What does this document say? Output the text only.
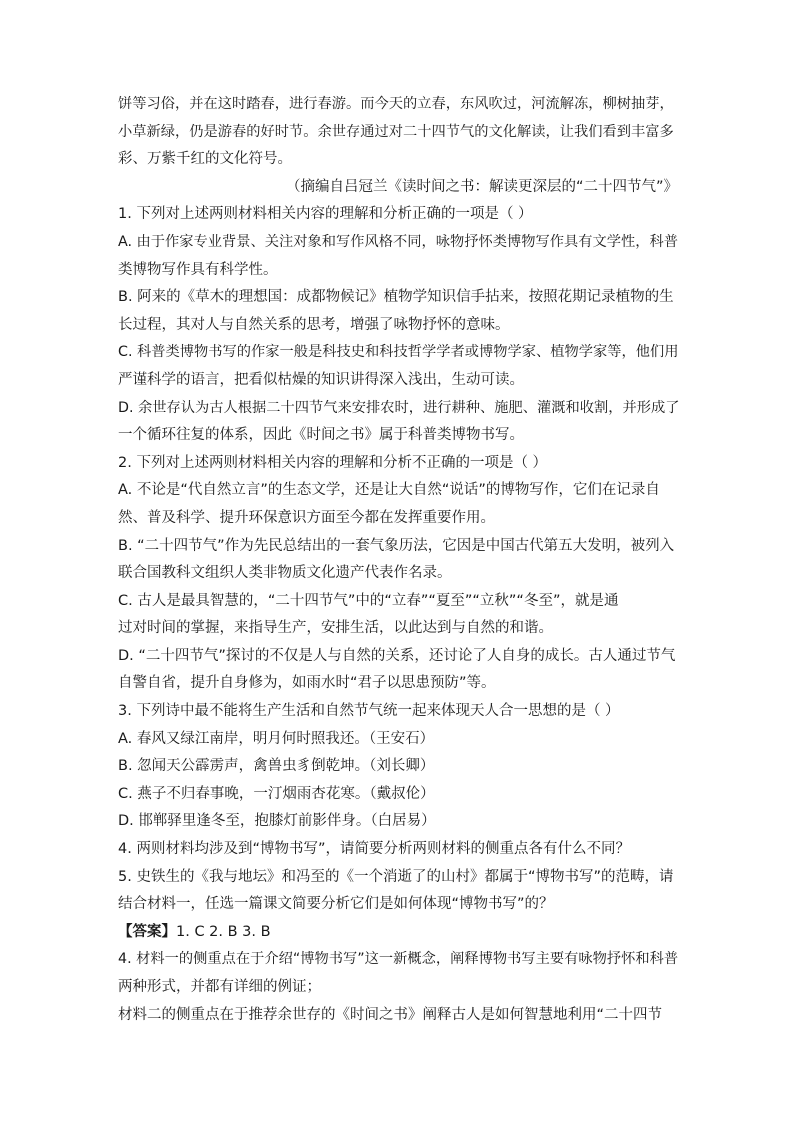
饼等习俗，并在这时踏春，进行春游。而今天的立春，东风吹过，河流解冻，柳树抽芽，
小草新绿，仍是游春的好时节。余世存通过对二十四节气的文化解读，让我们看到丰富多
彩、万紫千红的文化符号。
（摘编自吕冠兰《读时间之书：解读更深层的“二十四节气”》
1. 下列对上述两则材料相关内容的理解和分析正确的一项是（ ）
A. 由于作家专业背景、关注对象和写作风格不同，咏物抒怀类博物写作具有文学性，科普
类博物写作具有科学性。
B. 阿来的《草木的理想国：成都物候记》植物学知识信手拈来，按照花期记录植物的生
长过程，其对人与自然关系的思考，增强了咏物抒怀的意味。
C. 科普类博物书写的作家一般是科技史和科技哲学学者或博物学家、植物学家等，他们用
严谨科学的语言，把看似枯燥的知识讲得深入浅出，生动可读。
D. 余世存认为古人根据二十四节气来安排农时，进行耕种、施肥、灌溉和收割，并形成了
一个循环往复的体系，因此《时间之书》属于科普类博物书写。
2. 下列对上述两则材料相关内容的理解和分析不正确的一项是（ ）
A. 不论是“代自然立言”的生态文学，还是让大自然“说话”的博物写作，它们在记录自
然、普及科学、提升环保意识方面至今都在发挥重要作用。
B. “二十四节气”作为先民总结出的一套气象历法，它因是中国古代第五大发明，被列入
联合国教科文组织人类非物质文化遗产代表作名录。
C. 古人是最具智慧的，“二十四节气”中的“立春”“夏至”“立秋”“冬至”，就是通
过对时间的掌握，来指导生产，安排生活，以此达到与自然的和谐。
D. “二十四节气”探讨的不仅是人与自然的关系，还讨论了人自身的成长。古人通过节气
自警自省，提升自身修为，如雨水时“君子以思患预防”等。
3. 下列诗中最不能将生产生活和自然节气统一起来体现天人合一思想的是（ ）
A. 春风又绿江南岸，明月何时照我还。（王安石）
B. 忽闻天公霹雳声，禽兽虫豸倒乾坤。（刘长卿）
C. 燕子不归春事晚，一汀烟雨杏花寒。（戴叔伦）
D. 邯郸驿里逢冬至，抱膝灯前影伴身。（白居易）
4. 两则材料均涉及到“博物书写”，请简要分析两则材料的侧重点各有什么不同？
5. 史铁生的《我与地坛》和冯至的《一个消逝了的山村》都属于“博物书写”的范畴，请
结合材料一，任选一篇课文简要分析它们是如何体现“博物书写”的？
【答案】1. C 2. B 3. B
4. 材料一的侧重点在于介绍“博物书写”这一新概念，阐释博物书写主要有咏物抒怀和科普
两种形式，并都有详细的例证；
材料二的侧重点在于推荐余世存的《时间之书》阐释古人是如何智慧地利用“二十四节
